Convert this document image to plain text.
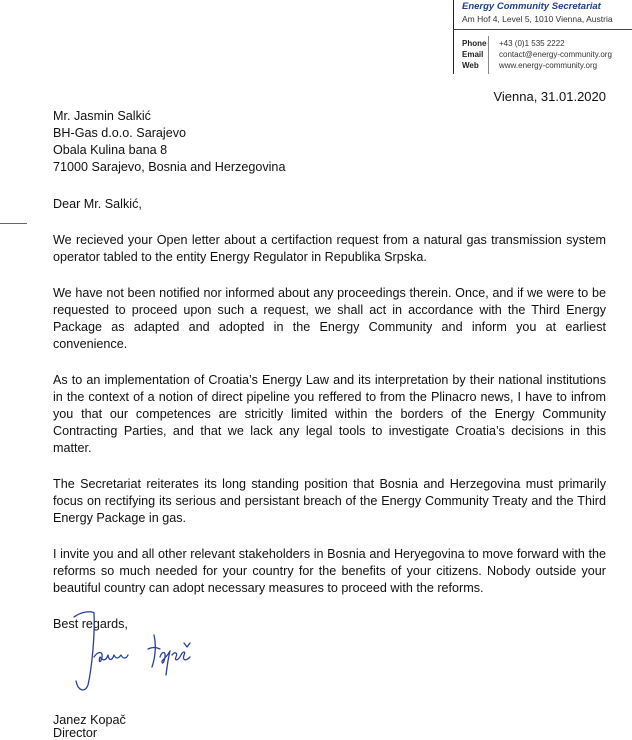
Energy Community Secretariat
Am Hof 4, Level 5, 1010 Vienna, Austria
Phone	+43 (0)1 535 2222
Email	contact@energy-community.org
Web	www.energy-community.org
Vienna, 31.01.2020
Mr. Jasmin Salkić
BH-Gas d.o.o. Sarajevo
Obala Kulina bana 8
71000 Sarajevo, Bosnia and Herzegovina
Dear Mr. Salkić,

We recieved your Open letter about a certifaction request from a natural gas transmission system operator tabled to the entity Energy Regulator in Republika Srpska.

We have not been notified nor informed about any proceedings therein. Once, and if we were to be requested to proceed upon such a request, we shall act in accordance with the Third Energy Package as adapted and adopted in the Energy Community and inform you at earliest convenience.

As to an implementation of Croatia’s Energy Law and its interpretation by their national institutions in the context of a notion of direct pipeline you reffered to from the Plinacro news, I have to infrom you that our competences are stricitly limited within the borders of the Energy Community Contracting Parties, and that we lack any legal tools to investigate Croatia’s decisions in this matter.

The Secretariat reiterates its long standing position that Bosnia and Herzegovina must primarily focus on rectifying its serious and persistant breach of the Energy Community Treaty and the Third Energy Package in gas.

I invite you and all other relevant stakeholders in Bosnia and Heryegovina to move forward with the reforms so much needed for your country for the benefits of your citizens. Nobody outside your beautiful country can adopt necessary measures to proceed with the reforms.

Best regards,
Janez Kopač
Director
